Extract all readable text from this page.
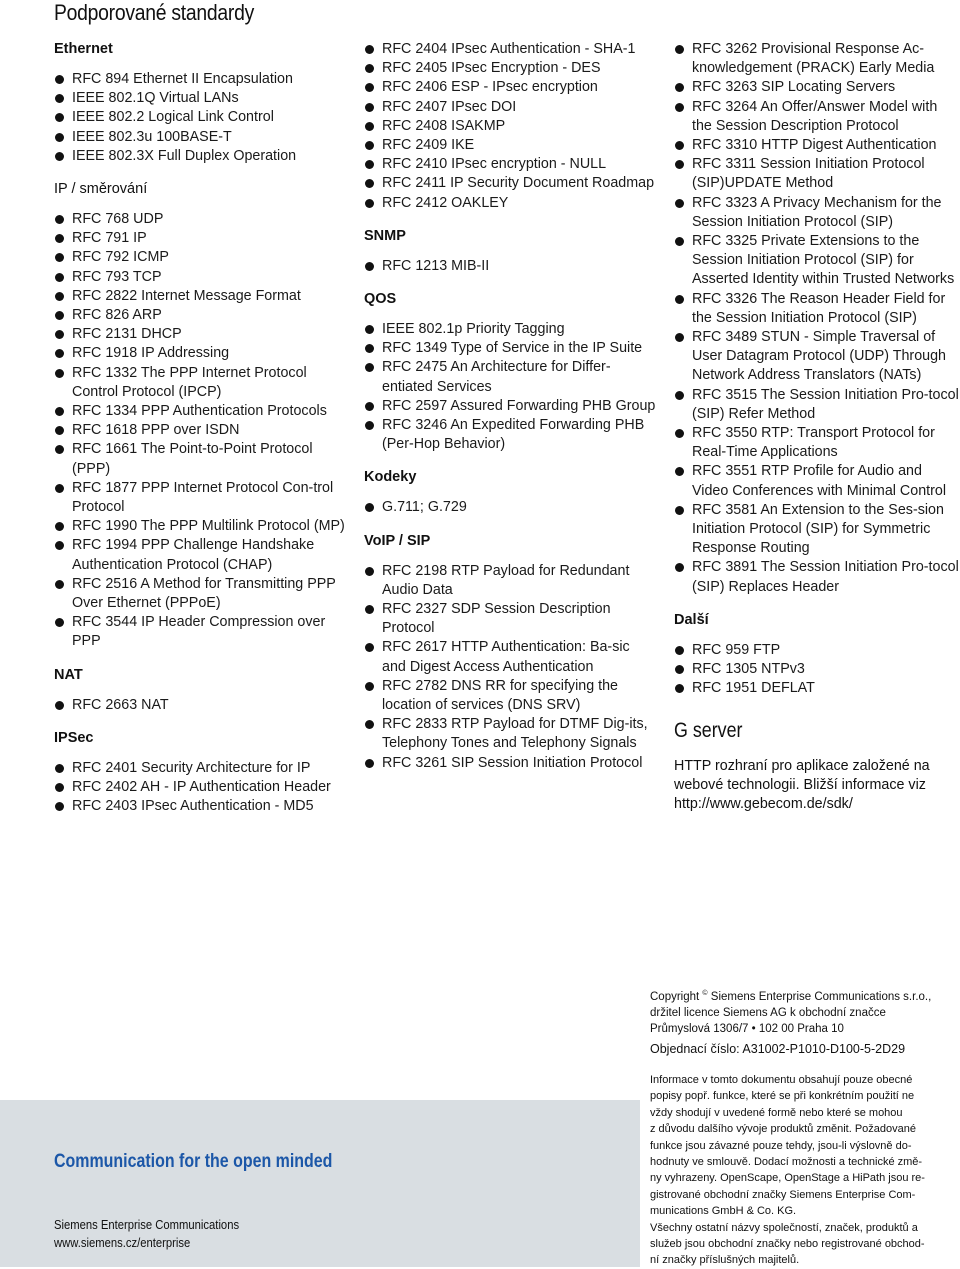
Podporované standardy
Ethernet
RFC 894 Ethernet II Encapsulation
IEEE 802.1Q Virtual LANs
IEEE 802.2 Logical Link Control
IEEE 802.3u 100BASE-T
IEEE 802.3X Full Duplex Operation
IP / směrování
RFC 768 UDP
RFC 791 IP
RFC 792 ICMP
RFC 793 TCP
RFC 2822 Internet Message Format
RFC 826 ARP
RFC 2131 DHCP
RFC 1918 IP Addressing
RFC 1332 The PPP Internet Protocol Control Protocol (IPCP)
RFC 1334 PPP Authentication Protocols
RFC 1618 PPP over ISDN
RFC 1661 The Point-to-Point Protocol (PPP)
RFC 1877 PPP Internet Protocol Con-trol Protocol
RFC 1990 The PPP Multilink Protocol (MP)
RFC 1994 PPP Challenge Handshake Authentication Protocol (CHAP)
RFC 2516 A Method for Transmitting PPP Over Ethernet (PPPoE)
RFC 3544 IP Header Compression over PPP
NAT
RFC 2663 NAT
IPSec
RFC 2401 Security Architecture for IP
RFC 2402 AH - IP Authentication Header
RFC 2403 IPsec Authentication - MD5
RFC 2404 IPsec Authentication - SHA-1
RFC 2405 IPsec Encryption - DES
RFC 2406 ESP - IPsec encryption
RFC 2407 IPsec DOI
RFC 2408 ISAKMP
RFC 2409 IKE
RFC 2410 IPsec encryption - NULL
RFC 2411 IP Security Document Roadmap
RFC 2412 OAKLEY
SNMP
RFC 1213 MIB-II
QOS
IEEE 802.1p Priority Tagging
RFC 1349 Type of Service in the IP Suite
RFC 2475 An Architecture for Differ-entiated Services
RFC 2597 Assured Forwarding PHB Group
RFC 3246 An Expedited Forwarding PHB (Per-Hop Behavior)
Kodeky
G.711; G.729
VoIP / SIP
RFC 2198 RTP Payload for Redundant Audio Data
RFC 2327 SDP Session Description Protocol
RFC 2617 HTTP Authentication: Ba-sic and Digest Access Authentication
RFC 2782 DNS RR for specifying the location of services (DNS SRV)
RFC 2833 RTP Payload for DTMF Dig-its, Telephony Tones and Telephony Signals
RFC 3261 SIP Session Initiation Protocol
RFC 3262 Provisional Response Ac-knowledgement (PRACK) Early Media
RFC 3263 SIP Locating Servers
RFC 3264 An Offer/Answer Model with the Session Description Protocol
RFC 3310 HTTP Digest Authentication
RFC 3311 Session Initiation Protocol (SIP)UPDATE Method
RFC 3323 A Privacy Mechanism for the Session Initiation Protocol (SIP)
RFC 3325 Private Extensions to the Session Initiation Protocol (SIP) for Asserted Identity within Trusted Networks
RFC 3326 The Reason Header Field for the Session Initiation Protocol (SIP)
RFC 3489 STUN - Simple Traversal of User Datagram Protocol (UDP) Through Network Address Translators (NATs)
RFC 3515 The Session Initiation Pro-tocol (SIP) Refer Method
RFC 3550 RTP: Transport Protocol for Real-Time Applications
RFC 3551 RTP Profile for Audio and Video Conferences with Minimal Control
RFC 3581 An Extension to the Ses-sion Initiation Protocol (SIP) for Symmetric Response Routing
RFC 3891 The Session Initiation Pro-tocol (SIP) Replaces Header
Další
RFC 959 FTP
RFC 1305 NTPv3
RFC 1951 DEFLAT
G server
HTTP rozhraní pro aplikace založené na
webové technologii. Bližší informace viz
http://www.gebecom.de/sdk/
Communication for the open minded
Siemens Enterprise Communications
www.siemens.cz/enterprise
Copyright © Siemens Enterprise Communications s.r.o.,
držitel licence Siemens AG k obchodní značce
Průmyslová 1306/7 • 102 00 Praha 10
Objednací číslo: A31002-P1010-D100-5-2D29
Informace v tomto dokumentu obsahují pouze obecné
popisy popř. funkce, které se při konkrétním použití ne
vždy shodují v uvedené formě nebo které se mohou
z důvodu dalšího vývoje produktů změnit. Požadované
funkce jsou závazné pouze tehdy, jsou-li výslovně do-
hodnuty ve smlouvě. Dodací možnosti a technické změ-
ny vyhrazeny. OpenScape, OpenStage a HiPath jsou re-
gistrované obchodní značky Siemens Enterprise Com-
munications GmbH & Co. KG.
Všechny ostatní názvy společností, značek, produktů a
služeb jsou obchodní značky nebo registrované obchod-
ní značky příslušných majitelů.
